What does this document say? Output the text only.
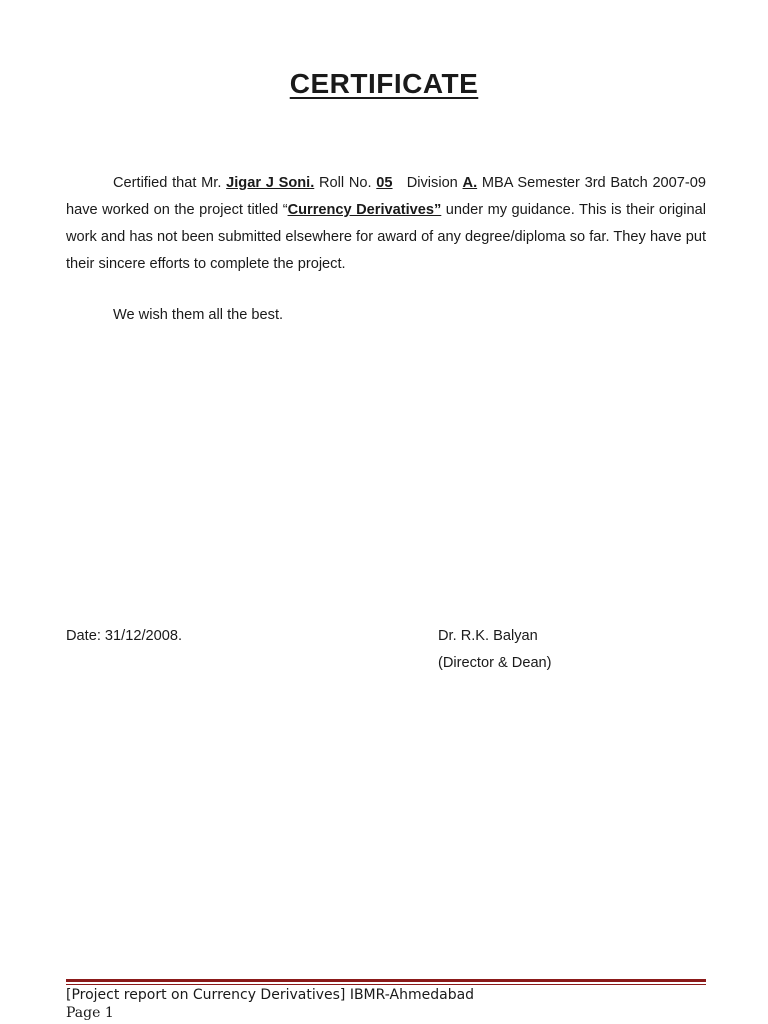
CERTIFICATE

Certified that Mr. Jigar J Soni. Roll No. 05   Division A. MBA Semester 3rd Batch 2007-09 have worked on the project titled “Currency Derivatives” under my guidance. This is their original work and has not been submitted elsewhere for award of any degree/diploma so far. They have put their sincere efforts to complete the project.

We wish them all the best.
Date: 31/12/2008.	Dr. R.K. Balyan
(Director & Dean)
[Project report on Currency Derivatives] IBMR-Ahmedabad
Page 1
